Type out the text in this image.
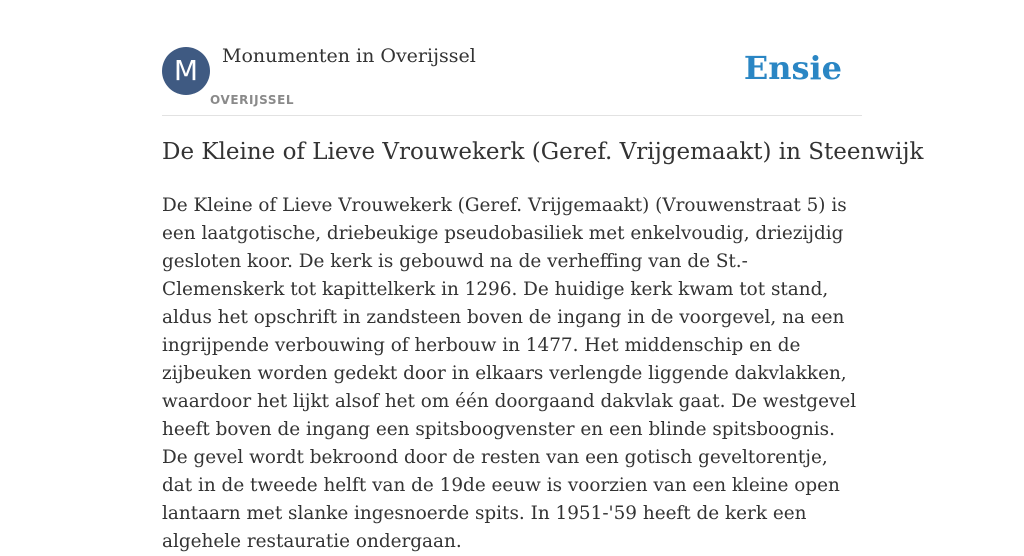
M	Monumenten in Overijssel
OVERIJSSEL
Ensie
De Kleine of Lieve Vrouwekerk (Geref. Vrijgemaakt) in Steenwijk

De Kleine of Lieve Vrouwekerk (Geref. Vrijgemaakt) (Vrouwenstraat 5) is een laatgotische, driebeukige pseudobasiliek met enkelvoudig, driezijdig gesloten koor. De kerk is gebouwd na de verheffing van de St.-Clemenskerk tot kapittelkerk in 1296. De huidige kerk kwam tot stand, aldus het opschrift in zandsteen boven de ingang in de voorgevel, na een ingrijpende verbouwing of herbouw in 1477. Het middenschip en de zijbeuken worden gedekt door in elkaars verlengde liggende dakvlakken, waardoor het lijkt alsof het om één doorgaand dakvlak gaat. De westgevel heeft boven de ingang een spitsboogvenster en een blinde spitsboognis. De gevel wordt bekroond door de resten van een gotisch geveltorentje, dat in de tweede helft van de 19de eeuw is voorzien van een kleine open lantaarn met slanke ingesnoerde spits. In 1951-'59 heeft de kerk een algehele restauratie ondergaan.
